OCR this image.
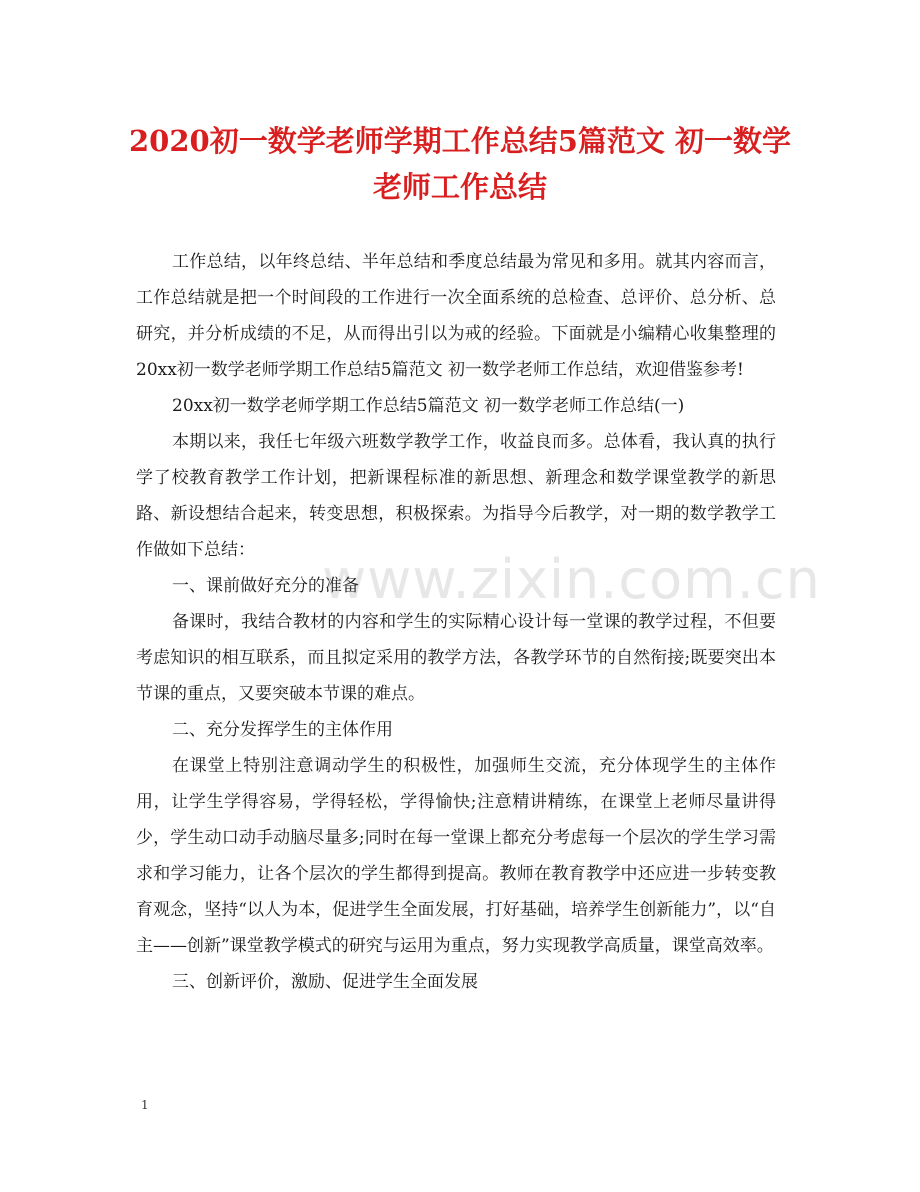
2020初一数学老师学期工作总结5篇范文 初一数学老师工作总结

工作总结，以年终总结、半年总结和季度总结最为常见和多用。就其内容而言，工作总结就是把一个时间段的工作进行一次全面系统的总检查、总评价、总分析、总研究，并分析成绩的不足，从而得出引以为戒的经验。下面就是小编精心收集整理的20xx初一数学老师学期工作总结5篇范文 初一数学老师工作总结，欢迎借鉴参考!

20xx初一数学老师学期工作总结5篇范文 初一数学老师工作总结(一)

本期以来，我任七年级六班数学教学工作，收益良而多。总体看，我认真的执行学了校教育教学工作计划，把新课程标准的新思想、新理念和数学课堂教学的新思路、新设想结合起来，转变思想，积极探索。为指导今后教学，对一期的数学教学工作做如下总结：

一、课前做好充分的准备

备课时，我结合教材的内容和学生的实际精心设计每一堂课的教学过程，不但要考虑知识的相互联系，而且拟定采用的教学方法，各教学环节的自然衔接;既要突出本节课的重点，又要突破本节课的难点。

二、充分发挥学生的主体作用

在课堂上特别注意调动学生的积极性，加强师生交流，充分体现学生的主体作用，让学生学得容易，学得轻松，学得愉快;注意精讲精练，在课堂上老师尽量讲得少，学生动口动手动脑尽量多;同时在每一堂课上都充分考虑每一个层次的学生学习需求和学习能力，让各个层次的学生都得到提高。教师在教育教学中还应进一步转变教育观念，坚持“以人为本，促进学生全面发展，打好基础，培养学生创新能力”，以“自主——创新”课堂教学模式的研究与运用为重点，努力实现教学高质量，课堂高效率。

三、创新评价，激励、促进学生全面发展

www.zixin.com.cn
1
